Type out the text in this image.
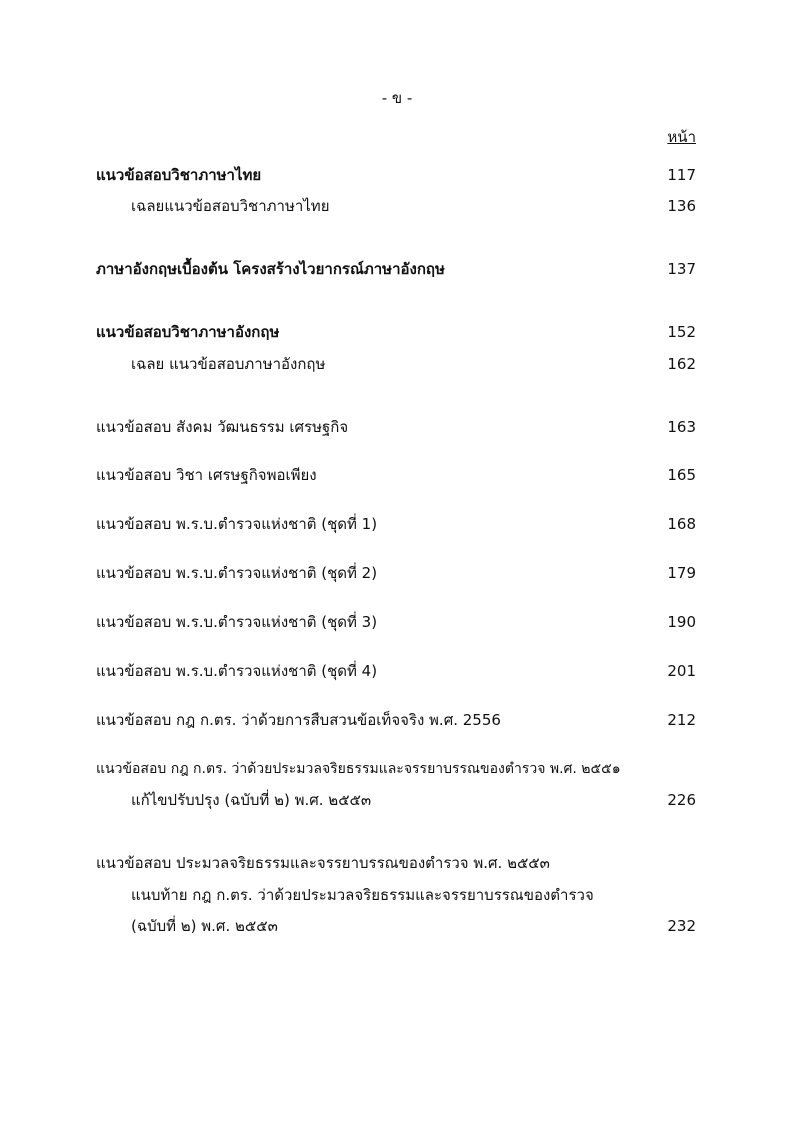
- ข -
หน้า
แนวข้อสอบวิชาภาษาไทย	117
เฉลยแนวข้อสอบวิชาภาษาไทย	136
ภาษาอังกฤษเบื้องต้น โครงสร้างไวยากรณ์ภาษาอังกฤษ	137
แนวข้อสอบวิชาภาษาอังกฤษ	152
เฉลย แนวข้อสอบภาษาอังกฤษ	162
แนวข้อสอบ สังคม วัฒนธรรม เศรษฐกิจ	163
แนวข้อสอบ วิชา เศรษฐกิจพอเพียง	165
แนวข้อสอบ พ.ร.บ.ตำรวจแห่งชาติ (ชุดที่ 1)	168
แนวข้อสอบ พ.ร.บ.ตำรวจแห่งชาติ (ชุดที่ 2)	179
แนวข้อสอบ พ.ร.บ.ตำรวจแห่งชาติ (ชุดที่ 3)	190
แนวข้อสอบ พ.ร.บ.ตำรวจแห่งชาติ (ชุดที่ 4)	201
แนวข้อสอบ กฎ ก.ตร. ว่าด้วยการสืบสวนข้อเท็จจริง พ.ศ. 2556	212
แนวข้อสอบ กฎ ก.ตร. ว่าด้วยประมวลจริยธรรมและจรรยาบรรณของตำรวจ พ.ศ. ๒๕๕๑
แก้ไขปรับปรุง (ฉบับที่ ๒) พ.ศ. ๒๕๕๓	226
แนวข้อสอบ ประมวลจริยธรรมและจรรยาบรรณของตำรวจ พ.ศ. ๒๕๕๓
แนบท้าย กฎ ก.ตร. ว่าด้วยประมวลจริยธรรมและจรรยาบรรณของตำรวจ
(ฉบับที่ ๒) พ.ศ. ๒๕๕๓	232
